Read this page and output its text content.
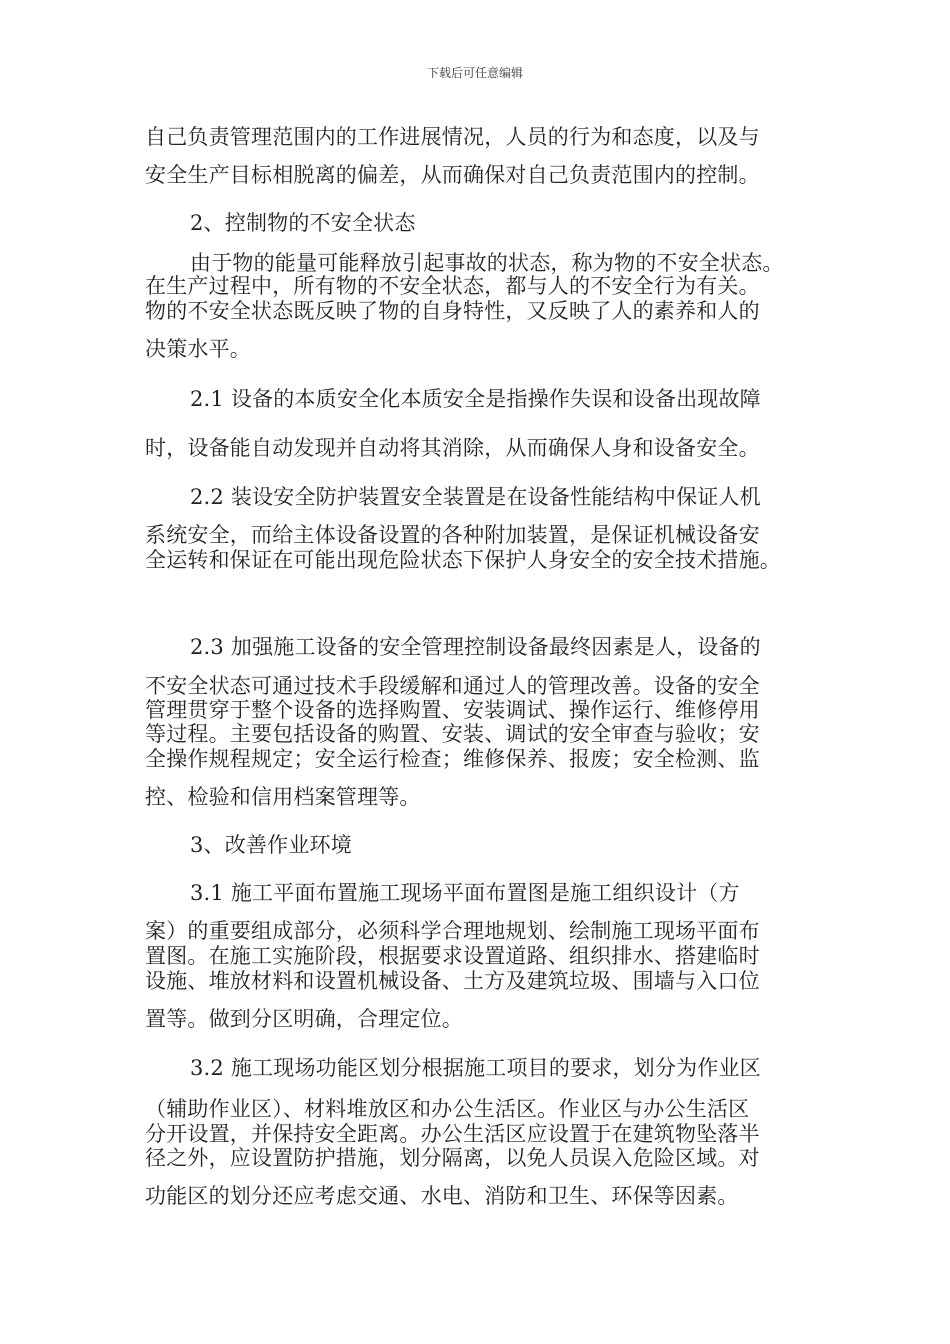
下载后可任意编辑
自己负责管理范围内的工作进展情况，人员的行为和态度，以及与
安全生产目标相脱离的偏差，从而确保对自己负责范围内的控制。
2、控制物的不安全状态
由于物的能量可能释放引起事故的状态，称为物的不安全状态。
在生产过程中，所有物的不安全状态，都与人的不安全行为有关。
物的不安全状态既反映了物的自身特性，又反映了人的素养和人的
决策水平。
2.1 设备的本质安全化本质安全是指操作失误和设备出现故障
时，设备能自动发现并自动将其消除，从而确保人身和设备安全。
2.2 装设安全防护装置安全装置是在设备性能结构中保证人机
系统安全，而给主体设备设置的各种附加装置，是保证机械设备安
全运转和保证在可能出现危险状态下保护人身安全的安全技术措施。
2.3 加强施工设备的安全管理控制设备最终因素是人，设备的
不安全状态可通过技术手段缓解和通过人的管理改善。设备的安全
管理贯穿于整个设备的选择购置、安装调试、操作运行、维修停用
等过程。主要包括设备的购置、安装、调试的安全审查与验收；安
全操作规程规定；安全运行检查；维修保养、报废；安全检测、监
控、检验和信用档案管理等。
3、改善作业环境
3.1 施工平面布置施工现场平面布置图是施工组织设计（方
案）的重要组成部分，必须科学合理地规划、绘制施工现场平面布
置图。在施工实施阶段，根据要求设置道路、组织排水、搭建临时
设施、堆放材料和设置机械设备、土方及建筑垃圾、围墙与入口位
置等。做到分区明确，合理定位。
3.2 施工现场功能区划分根据施工项目的要求，划分为作业区
（辅助作业区）、材料堆放区和办公生活区。作业区与办公生活区
分开设置，并保持安全距离。办公生活区应设置于在建筑物坠落半
径之外，应设置防护措施，划分隔离，以免人员误入危险区域。对
功能区的划分还应考虑交通、水电、消防和卫生、环保等因素。
